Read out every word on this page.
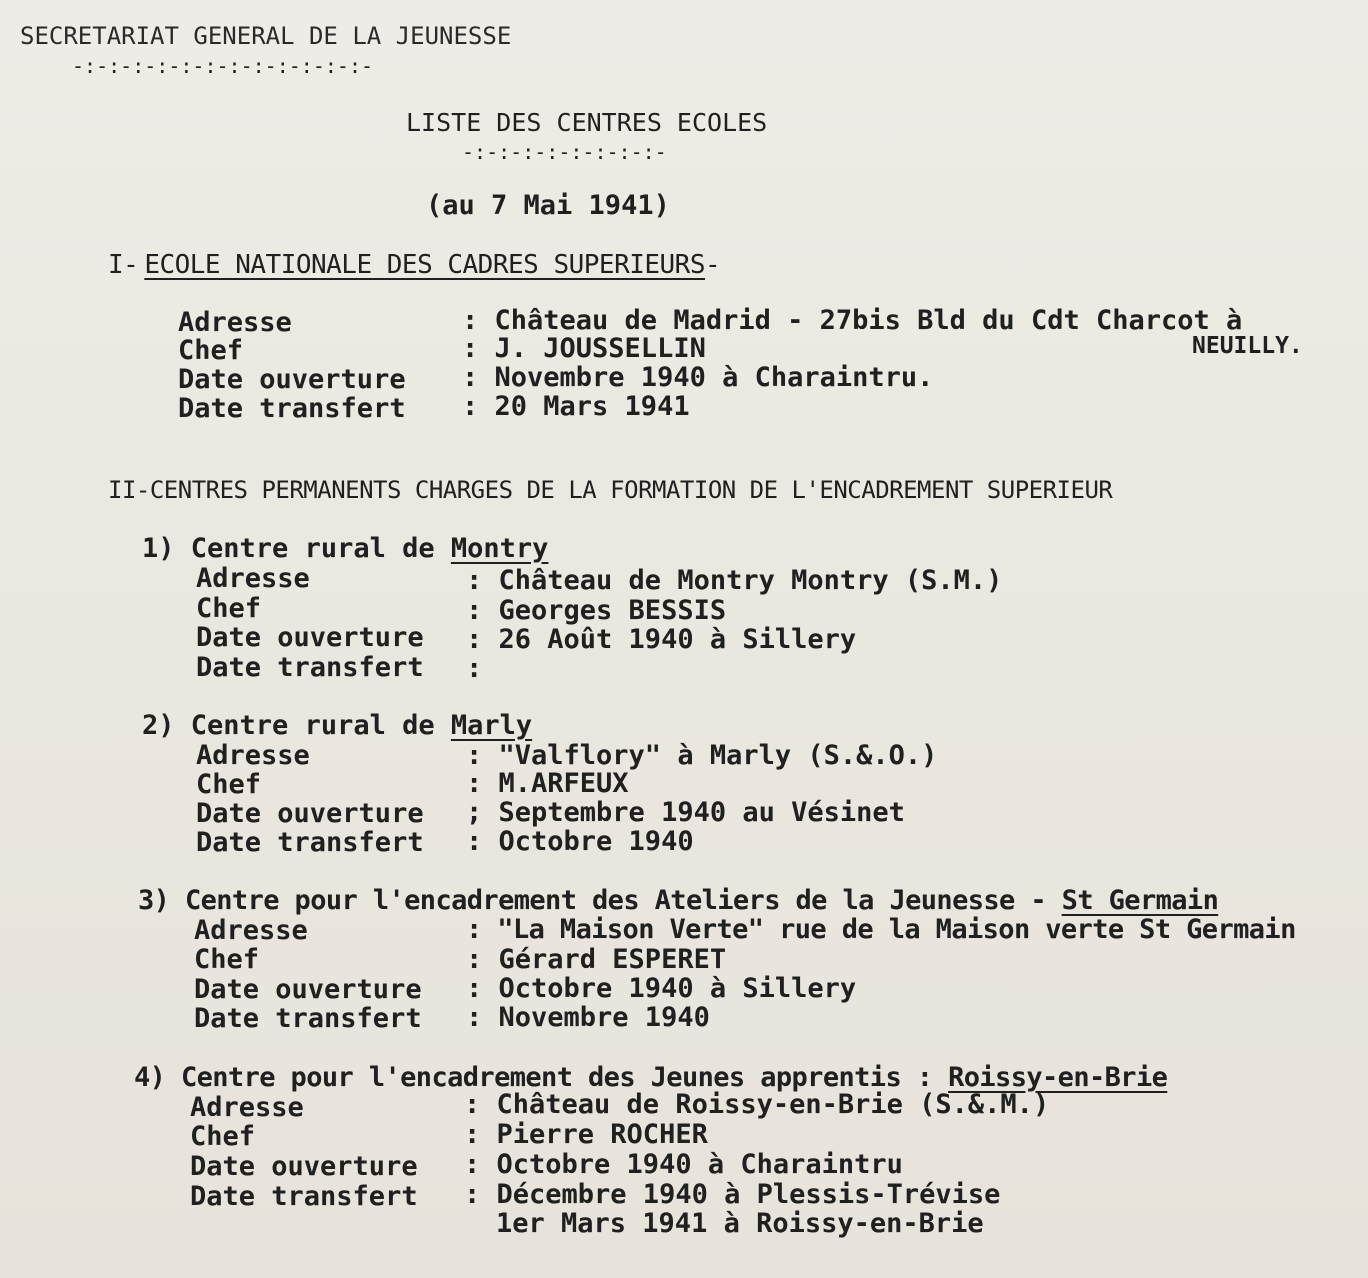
SECRETARIAT GENERAL DE LA JEUNESSE
-:-:-:-:-:-:-:-:-:-:-:-:-
LISTE DES CENTRES ECOLES
-:-:-:-:-:-:-:-:-
(au 7 Mai 1941)
I- ECOLE NATIONALE DES CADRES SUPERIEURS-
Adresse	: Château de Madrid - 27bis Bld du Cdt Charcot à
NEUILLY.
Chef	: J. JOUSSELLIN
Date ouverture : Novembre 1940 à Charaintru.
Date transfert : 20 Mars 1941
II-CENTRES PERMANENTS CHARGES DE LA FORMATION DE L'ENCADREMENT SUPERIEUR
1) Centre rural de Montry
Adresse	: Château de Montry Montry (S.M.)
Chef	: Georges BESSIS
Date ouverture : 26 Août 1940 à Sillery
Date transfert :
2) Centre rural de Marly
Adresse	: "Valflory" à Marly (S.&.O.)
Chef	: M.ARFEUX
Date ouverture ; Septembre 1940 au Vésinet
Date transfert : Octobre 1940
3) Centre pour l'encadrement des Ateliers de la Jeunesse - St Germain
Adresse	: "La Maison Verte" rue de la Maison verte St Germain
Chef	: Gérard ESPERET
Date ouverture : Octobre 1940 à Sillery
Date transfert : Novembre 1940
4) Centre pour l'encadrement des Jeunes apprentis : Roissy-en-Brie
Adresse	: Château de Roissy-en-Brie (S.&.M.)
Chef	: Pierre ROCHER
Date ouverture : Octobre 1940 à Charaintru
Date transfert : Décembre 1940 à Plessis-Trévise
1er Mars 1941 à Roissy-en-Brie
